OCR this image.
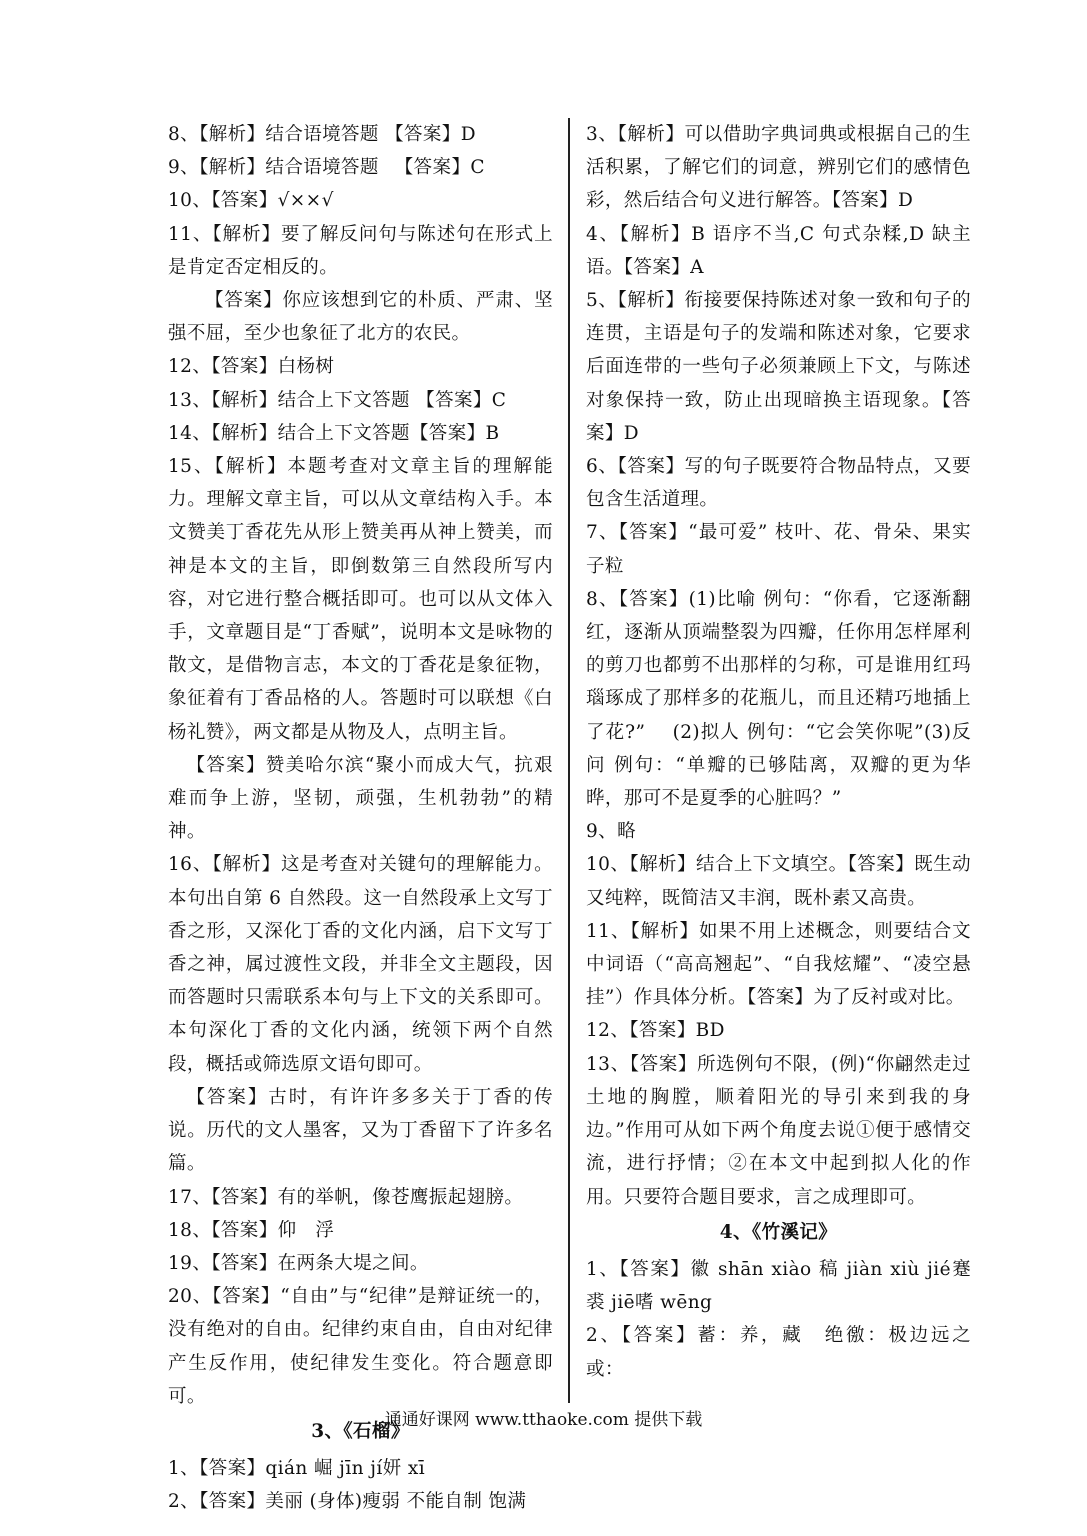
8、【解析】结合语境答题 【答案】D

9、【解析】结合语境答题 　【答案】C

10、【答案】√××√

11、【解析】要了解反问句与陈述句在形式上是肯定否定相反的。

【答案】你应该想到它的朴质、严肃、坚强不屈，至少也象征了北方的农民。

12、【答案】白杨树

13、【解析】结合上下文答题 【答案】C

14、【解析】结合上下文答题【答案】B

15、【解析】本题考查对文章主旨的理解能力。理解文章主旨，可以从文章结构入手。本文赞美丁香花先从形上赞美再从神上赞美，而神是本文的主旨，即倒数第三自然段所写内容，对它进行整合概括即可。也可以从文体入手，文章题目是“丁香赋”，说明本文是咏物的散文，是借物言志，本文的丁香花是象征物，象征着有丁香品格的人。答题时可以联想《白杨礼赞》，两文都是从物及人，点明主旨。

【答案】赞美哈尔滨“聚小而成大气，抗艰难而争上游，坚韧，顽强，生机勃勃”的精神。

16、【解析】这是考查对关键句的理解能力。本句出自第 6 自然段。这一自然段承上文写丁香之形，又深化丁香的文化内涵，启下文写丁香之神，属过渡性文段，并非全文主题段，因而答题时只需联系本句与上下文的关系即可。本句深化丁香的文化内涵，统领下两个自然段，概括或筛选原文语句即可。

【答案】古时，有许许多多关于丁香的传说。历代的文人墨客，又为丁香留下了许多名篇。

17、【答案】有的举帆，像苍鹰振起翅膀。

18、【答案】仰　浮

19、【答案】在两条大堤之间。

20、【答案】“自由”与“纪律”是辩证统一的，没有绝对的自由。纪律约束自由，自由对纪律产生反作用，使纪律发生变化。符合题意即可。

3、《石榴》

1、【答案】qián 崛 jīn jí妍 xī

2、【答案】美丽 (身体)瘦弱 不能自制 饱满

3、【解析】可以借助字典词典或根据自己的生活积累，了解它们的词意，辨别它们的感情色彩，然后结合句义进行解答。【答案】D

4、【解析】B 语序不当,C 句式杂糅,D 缺主语。【答案】A

5、【解析】衔接要保持陈述对象一致和句子的连贯，主语是句子的发端和陈述对象，它要求后面连带的一些句子必须兼顾上下文，与陈述对象保持一致，防止出现暗换主语现象。【答案】D

6、【答案】写的句子既要符合物品特点，又要包含生活道理。

7、【答案】“最可爱” 枝叶、花、骨朵、果实 子粒

8、【答案】(1)比喻 例句：“你看，它逐渐翻红，逐渐从顶端整裂为四瓣，任你用怎样犀利的剪刀也都剪不出那样的匀称，可是谁用红玛瑙琢成了那样多的花瓶儿，而且还精巧地插上了花?”　 (2)拟人 例句：“它会笑你呢”(3)反问 例句：“单瓣的已够陆离，双瓣的更为华晔，那可不是夏季的心脏吗？”

9、略

10、【解析】结合上下文填空。【答案】既生动又纯粹，既简洁又丰润，既朴素又高贵。

11、【解析】如果不用上述概念，则要结合文中词语（“高高翘起”、“自我炫耀”、“凌空悬挂”）作具体分析。【答案】为了反衬或对比。

12、【答案】BD

13、【答案】所选例句不限，(例)“你翩然走过土地的胸膛，顺着阳光的导引来到我的身边。”作用可从如下两个角度去说①便于感情交流，进行抒情；②在本文中起到拟人化的作用。只要符合题目要求，言之成理即可。

4、《竹溪记》

1、【答案】徽 shān xiào 稿 jiàn xiù jié蹇 裘 jiē嗜 wēng

2、【答案】蓄：养，藏　绝徼：极边远之 或：

通通好课网 www.tthaoke.com 提供下载
